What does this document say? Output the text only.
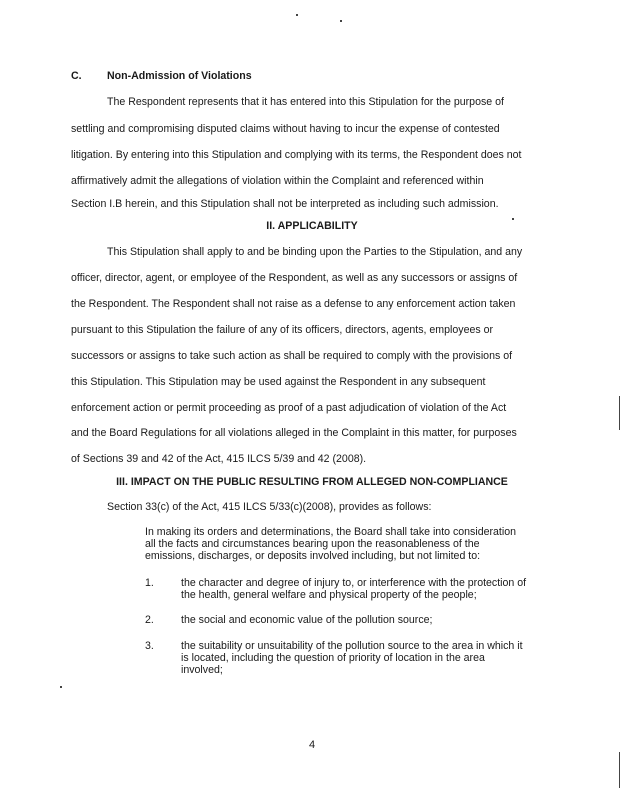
C. Non-Admission of Violations
The Respondent represents that it has entered into this Stipulation for the purpose of
settling and compromising disputed claims without having to incur the expense of contested
litigation. By entering into this Stipulation and complying with its terms, the Respondent does not
affirmatively admit the allegations of violation within the Complaint and referenced within
Section I.B herein, and this Stipulation shall not be interpreted as including such admission.
II. APPLICABILITY
This Stipulation shall apply to and be binding upon the Parties to the Stipulation, and any
officer, director, agent, or employee of the Respondent, as well as any successors or assigns of
the Respondent. The Respondent shall not raise as a defense to any enforcement action taken
pursuant to this Stipulation the failure of any of its officers, directors, agents, employees or
successors or assigns to take such action as shall be required to comply with the provisions of
this Stipulation. This Stipulation may be used against the Respondent in any subsequent
enforcement action or permit proceeding as proof of a past adjudication of violation of the Act
and the Board Regulations for all violations alleged in the Complaint in this matter, for purposes
of Sections 39 and 42 of the Act, 415 ILCS 5/39 and 42 (2008).
III. IMPACT ON THE PUBLIC RESULTING FROM ALLEGED NON-COMPLIANCE
Section 33(c) of the Act, 415 ILCS 5/33(c)(2008), provides as follows:
In making its orders and determinations, the Board shall take into consideration
all the facts and circumstances bearing upon the reasonableness of the
emissions, discharges, or deposits involved including, but not limited to:
1.	the character and degree of injury to, or interference with the protection of
the health, general welfare and physical property of the people;
2.	the social and economic value of the pollution source;
3.	the suitability or unsuitability of the pollution source to the area in which it
is located, including the question of priority of location in the area
involved;
4
